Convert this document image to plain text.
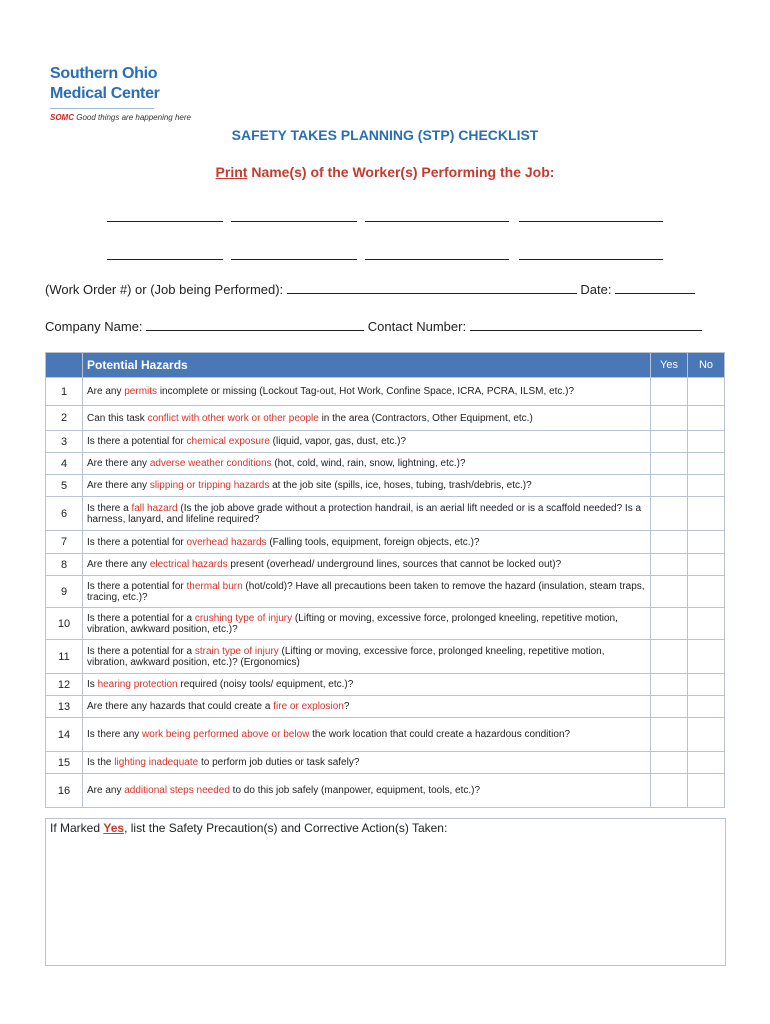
Southern Ohio
Medical Center
SOMC Good things are happening here
SAFETY TAKES PLANNING (STP) CHECKLIST
Print Name(s) of the Worker(s) Performing the Job:
(Work Order #) or (Job being Performed):	Date:
Company Name:	Contact Number:
	Potential Hazards	Yes	No
1	Are any permits incomplete or missing (Lockout Tag-out, Hot Work, Confine Space, ICRA, PCRA, ILSM, etc.)?		
2	Can this task conflict with other work or other people in the area (Contractors, Other Equipment, etc.)		
3	Is there a potential for chemical exposure (liquid, vapor, gas, dust, etc.)?		
4	Are there any adverse weather conditions (hot, cold, wind, rain, snow, lightning, etc.)?		
5	Are there any slipping or tripping hazards at the job site (spills, ice, hoses, tubing, trash/debris, etc.)?		
6	Is there a fall hazard (Is the job above grade without a protection handrail, is an aerial lift needed or is a scaffold needed? Is a harness, lanyard, and lifeline required?		
7	Is there a potential for overhead hazards (Falling tools, equipment, foreign objects, etc.)?		
8	Are there any electrical hazards present (overhead/ underground lines, sources that cannot be locked out)?		
9	Is there a potential for thermal burn (hot/cold)? Have all precautions been taken to remove the hazard (insulation, steam traps, tracing, etc.)?		
10	Is there a potential for a crushing type of injury (Lifting or moving, excessive force, prolonged kneeling, repetitive motion, vibration, awkward position, etc.)?		
11	Is there a potential for a strain type of injury (Lifting or moving, excessive force, prolonged kneeling, repetitive motion, vibration, awkward position, etc.)? (Ergonomics)		
12	Is hearing protection required (noisy tools/ equipment, etc.)?		
13	Are there any hazards that could create a fire or explosion?		
14	Is there any work being performed above or below the work location that could create a hazardous condition?		
15	Is the lighting inadequate to perform job duties or task safely?		
16	Are any additional steps needed to do this job safely (manpower, equipment, tools, etc.)?		
If Marked Yes, list the Safety Precaution(s) and Corrective Action(s) Taken:
